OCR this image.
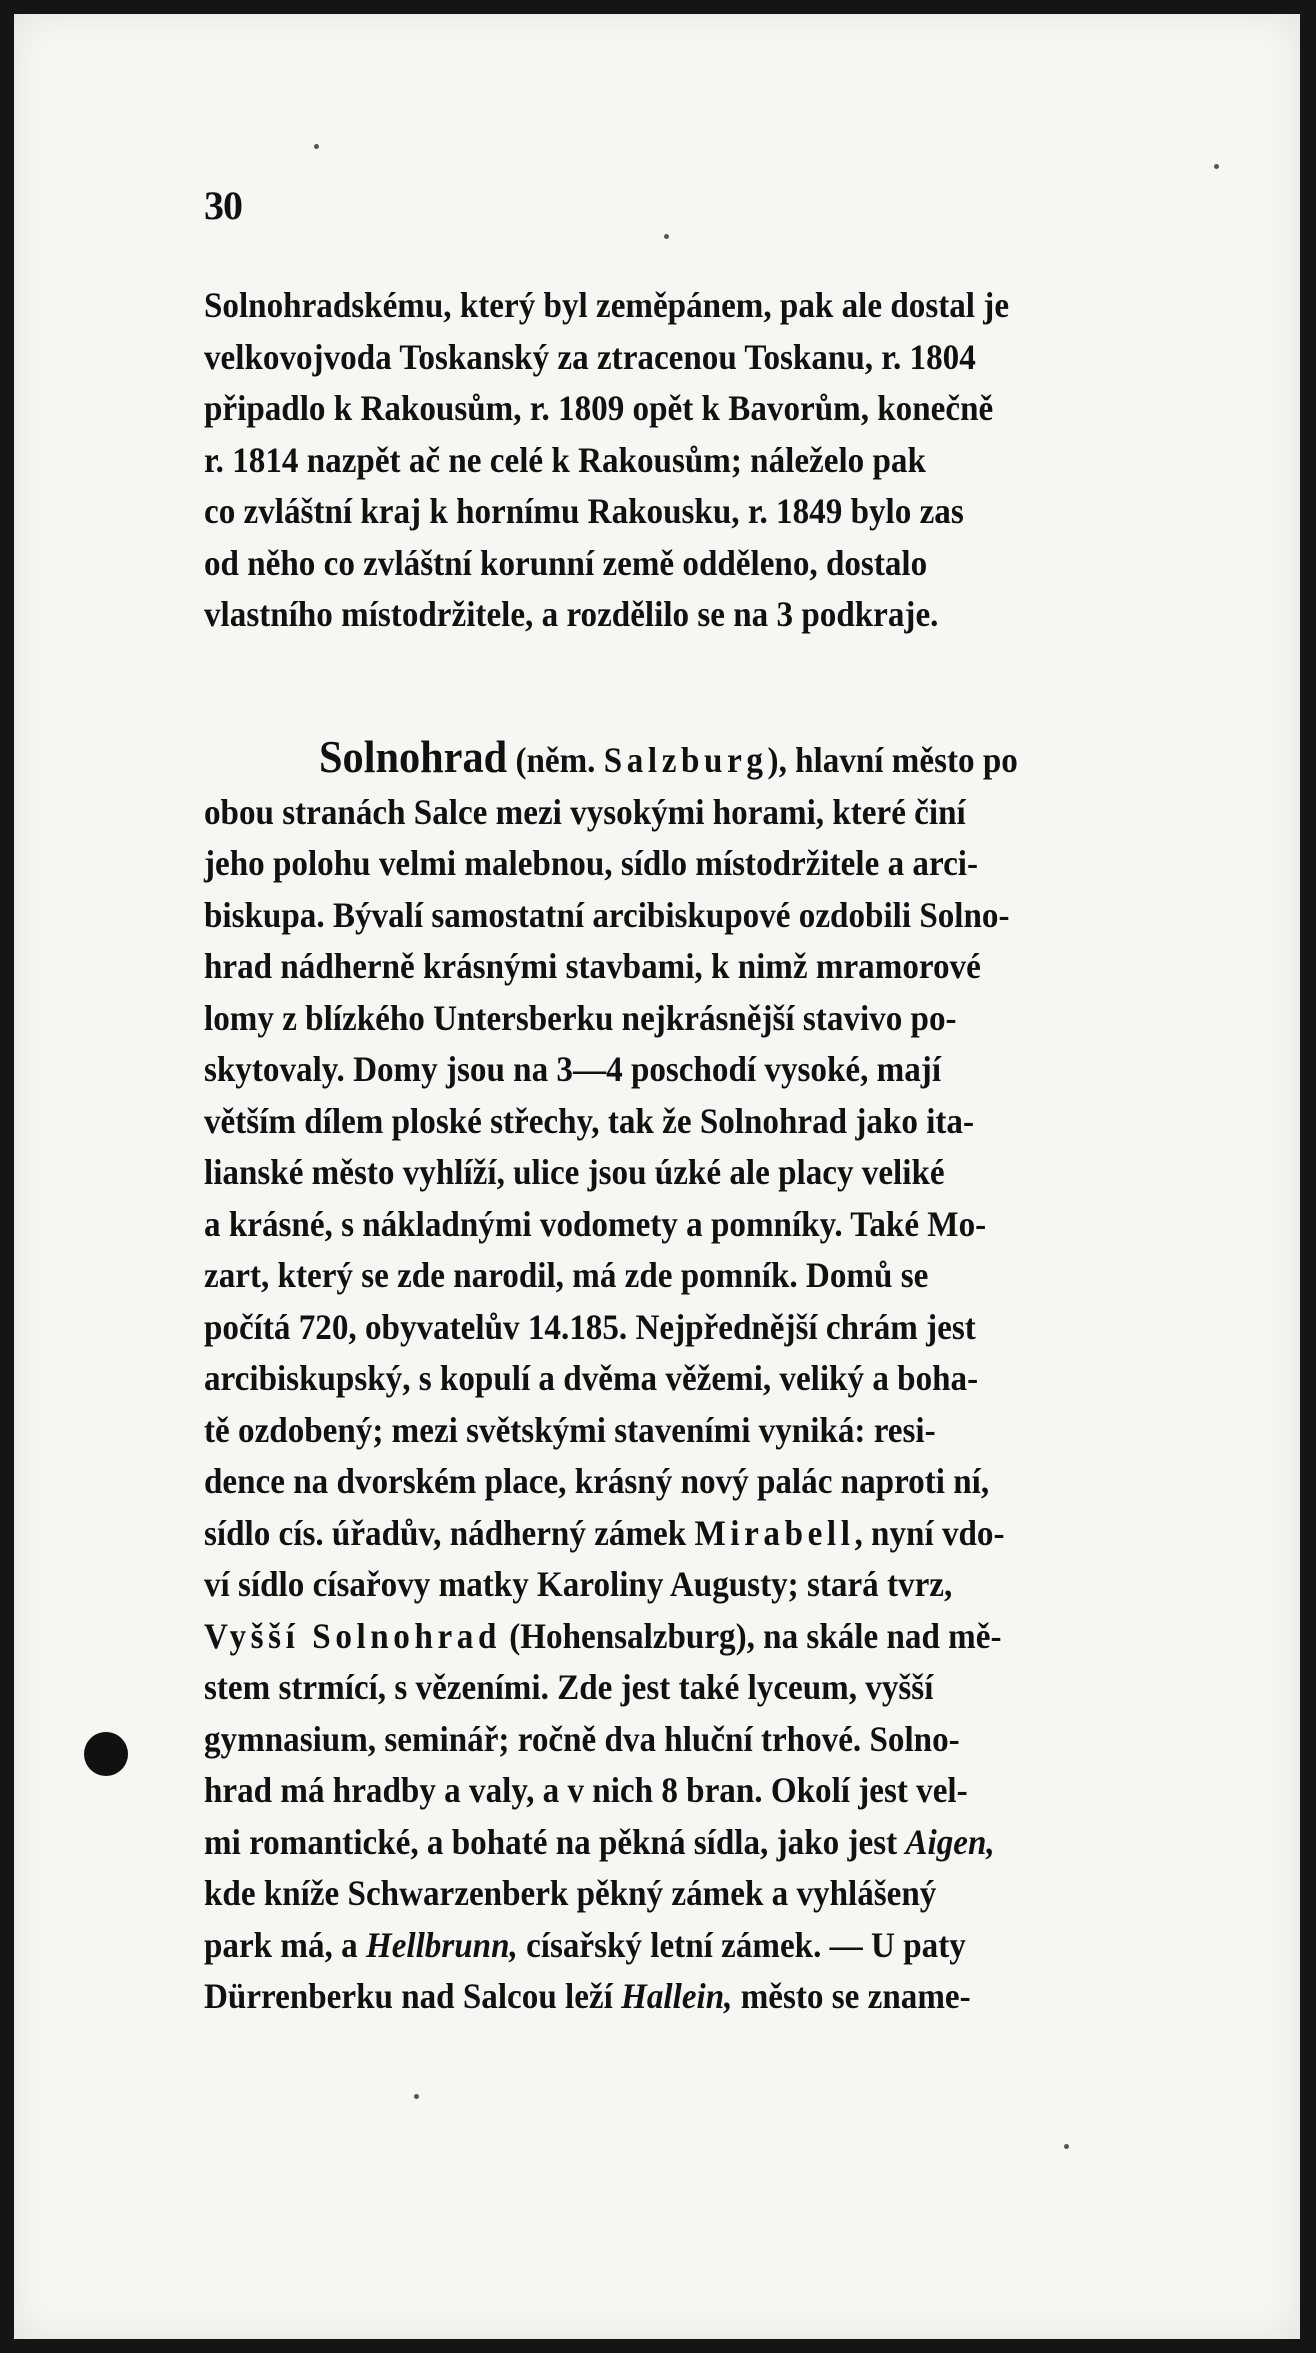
30
Solnohradskému, který byl zeměpánem, pak ale dostal je
velkovojvoda Toskanský za ztracenou Toskanu, r. 1804
připadlo k Rakousům, r. 1809 opět k Bavorům, konečně
r. 1814 nazpět ač ne celé k Rakousům; náleželo pak
co zvláštní kraj k hornímu Rakousku, r. 1849 bylo zas
od něho co zvláštní korunní země odděleno, dostalo
vlastního místodržitele, a rozdělilo se na 3 podkraje.
Solnohrad (něm. Salzburg), hlavní město po
obou stranách Salce mezi vysokými horami, které činí
jeho polohu velmi malebnou, sídlo místodržitele a arci-
biskupa. Bývalí samostatní arcibiskupové ozdobili Solno-
hrad nádherně krásnými stavbami, k nimž mramorové
lomy z blízkého Untersberku nejkrásnější stavivo po-
skytovaly. Domy jsou na 3—4 poschodí vysoké, mají
větším dílem ploské střechy, tak že Solnohrad jako ita-
lianské město vyhlíží, ulice jsou úzké ale placy veliké
a krásné, s nákladnými vodomety a pomníky. Také Mo-
zart, který se zde narodil, má zde pomník. Domů se
počítá 720, obyvatelův 14.185. Nejpřednější chrám jest
arcibiskupský, s kopulí a dvěma věžemi, veliký a boha-
tě ozdobený; mezi světskými staveními vyniká: resi-
dence na dvorském place, krásný nový palác naproti ní,
sídlo cís. úřadův, nádherný zámek Mirabell, nyní vdo-
ví sídlo císařovy matky Karoliny Augusty; stará tvrz,
Vyšší Solnohrad (Hohensalzburg), na skále nad mě-
stem strmící, s vězeními. Zde jest také lyceum, vyšší
gymnasium, seminář; ročně dva hluční trhové. Solno-
hrad má hradby a valy, a v nich 8 bran. Okolí jest vel-
mi romantické, a bohaté na pěkná sídla, jako jest Aigen,
kde kníže Schwarzenberk pěkný zámek a vyhlášený
park má, a Hellbrunn, císařský letní zámek. — U paty
Dürrenberku nad Salcou leží Hallein, město se zname-
